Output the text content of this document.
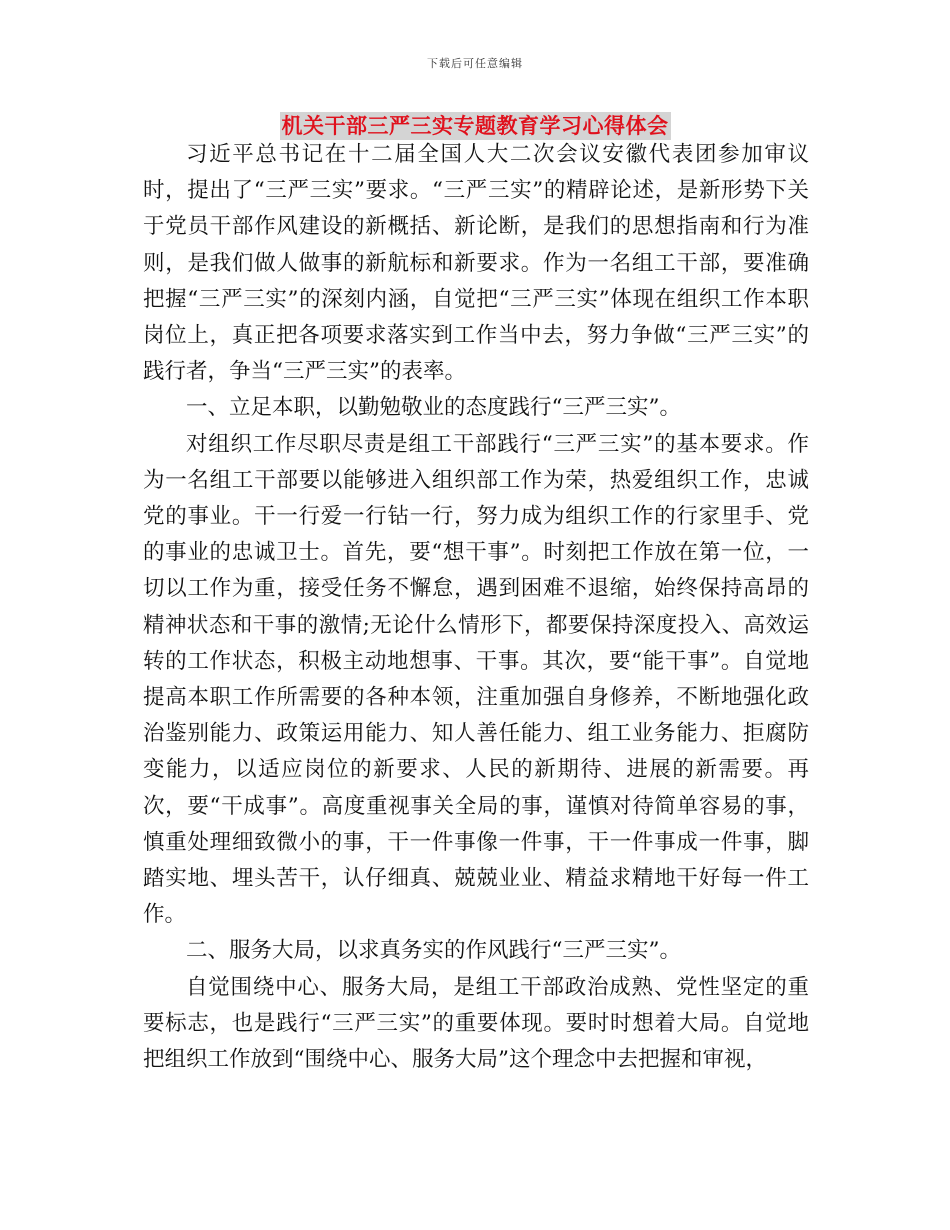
下载后可任意编辑
机关干部三严三实专题教育学习心得体会

习近平总书记在十二届全国人大二次会议安徽代表团参加审议时，提出了“三严三实”要求。“三严三实”的精辟论述，是新形势下关于党员干部作风建设的新概括、新论断，是我们的思想指南和行为准则，是我们做人做事的新航标和新要求。作为一名组工干部，要准确把握“三严三实”的深刻内涵，自觉把“三严三实”体现在组织工作本职岗位上，真正把各项要求落实到工作当中去，努力争做“三严三实”的践行者，争当“三严三实”的表率。

一、立足本职，以勤勉敬业的态度践行“三严三实”。

对组织工作尽职尽责是组工干部践行“三严三实”的基本要求。作为一名组工干部要以能够进入组织部工作为荣，热爱组织工作，忠诚党的事业。干一行爱一行钻一行，努力成为组织工作的行家里手、党的事业的忠诚卫士。首先，要“想干事”。时刻把工作放在第一位，一切以工作为重，接受任务不懈怠，遇到困难不退缩，始终保持高昂的精神状态和干事的激情;无论什么情形下，都要保持深度投入、高效运转的工作状态，积极主动地想事、干事。其次，要“能干事”。自觉地提高本职工作所需要的各种本领，注重加强自身修养，不断地强化政治鉴别能力、政策运用能力、知人善任能力、组工业务能力、拒腐防变能力，以适应岗位的新要求、人民的新期待、进展的新需要。再次，要“干成事”。高度重视事关全局的事，谨慎对待简单容易的事，慎重处理细致微小的事，干一件事像一件事，干一件事成一件事，脚踏实地、埋头苦干，认仔细真、兢兢业业、精益求精地干好每一件工作。

二、服务大局，以求真务实的作风践行“三严三实”。

自觉围绕中心、服务大局，是组工干部政治成熟、党性坚定的重要标志，也是践行“三严三实”的重要体现。要时时想着大局。自觉地把组织工作放到“围绕中心、服务大局”这个理念中去把握和审视，
